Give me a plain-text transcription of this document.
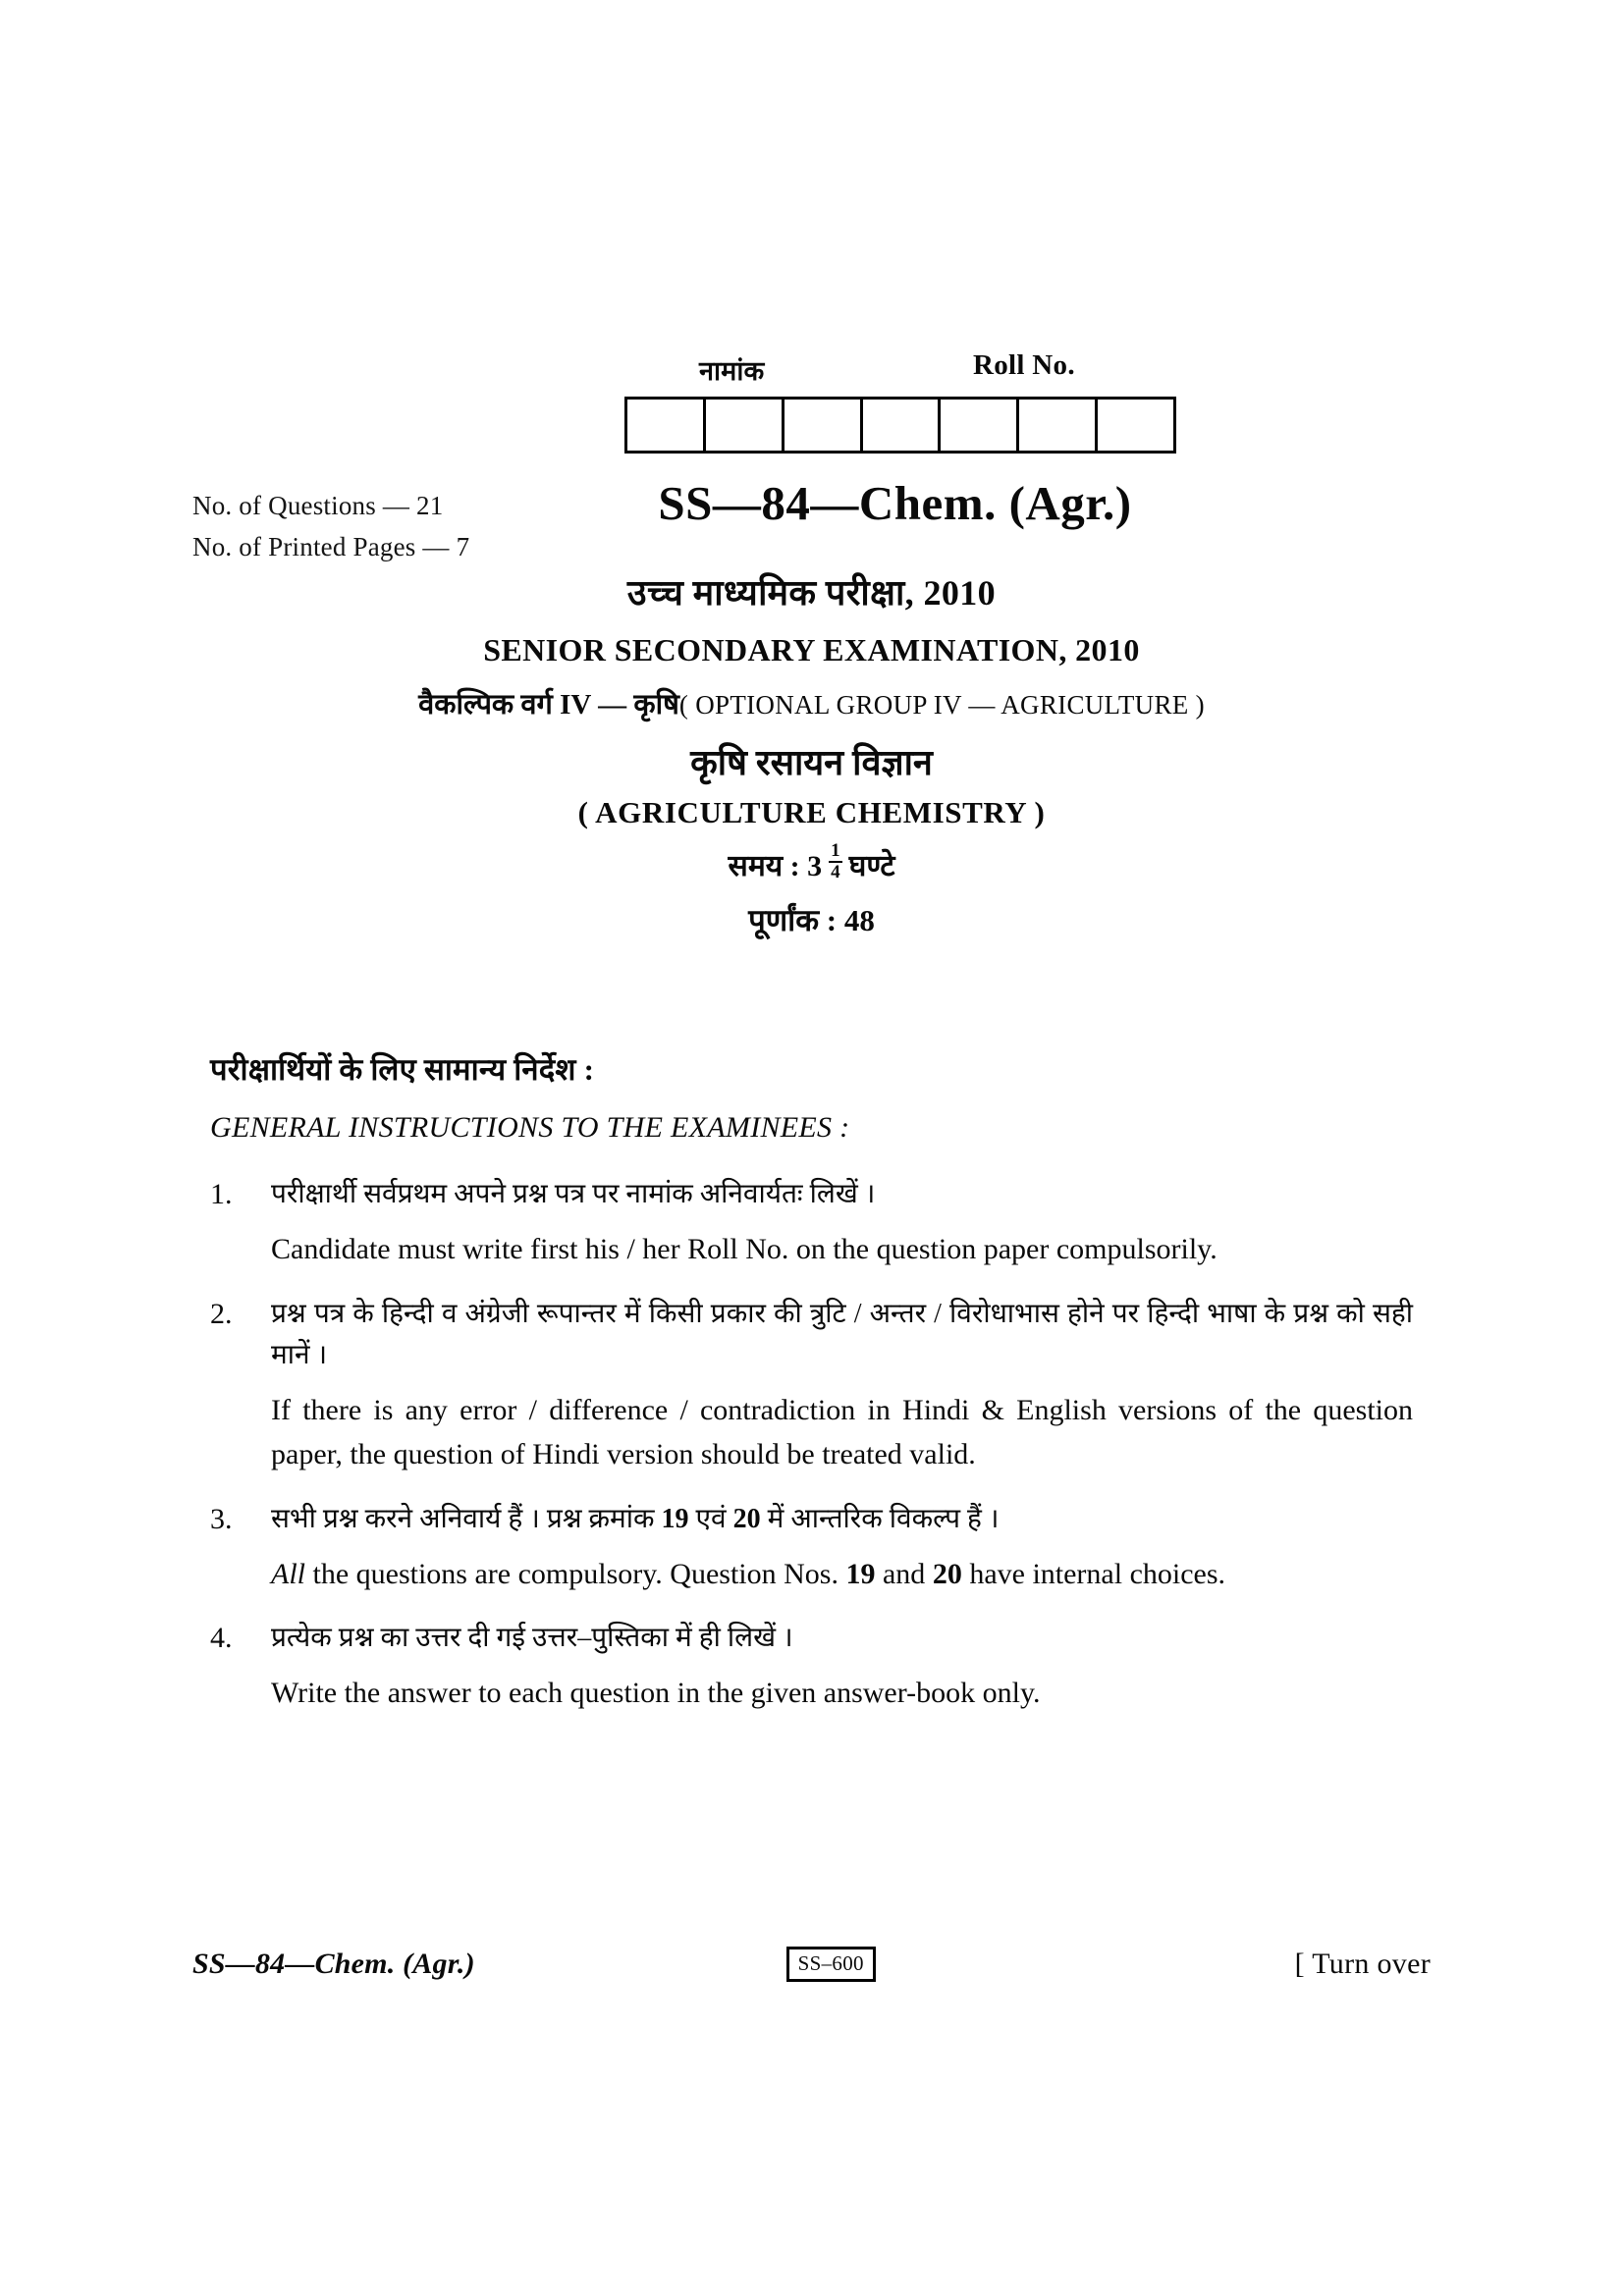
नामांक	Roll No.
No. of Questions — 21
No. of Printed Pages — 7
SS—84—Chem. (Agr.)
उच्च माध्यमिक परीक्षा, 2010
SENIOR SECONDARY EXAMINATION, 2010
वैकल्पिक वर्ग IV — कृषि( OPTIONAL GROUP IV — AGRICULTURE )
कृषि रसायन विज्ञान
( AGRICULTURE CHEMISTRY )
समय : $3 \frac{1}{4}$ घण्टे
पूर्णांक : 48
परीक्षार्थियों के लिए सामान्य निर्देश :
GENERAL INSTRUCTIONS TO THE EXAMINEES :
1.	परीक्षार्थी सर्वप्रथम अपने प्रश्न पत्र पर नामांक अनिवार्यतः लिखें ।
Candidate must write first his / her Roll No. on the question paper compulsorily.
2.	प्रश्न पत्र के हिन्दी व अंग्रेजी रूपान्तर में किसी प्रकार की त्रुटि / अन्तर / विरोधाभास होने पर हिन्दी भाषा के प्रश्न को सही मानें ।
If there is any error / difference / contradiction in Hindi & English versions of the question paper, the question of Hindi version should be treated valid.
3.	सभी प्रश्न करने अनिवार्य हैं । प्रश्न क्रमांक 19 एवं 20 में आन्तरिक विकल्प हैं ।
All the questions are compulsory. Question Nos. 19 and 20 have internal choices.
4.	प्रत्येक प्रश्न का उत्तर दी गई उत्तर–पुस्तिका में ही लिखें ।
Write the answer to each question in the given answer-book only.
SS—84—Chem. (Agr.)	SS–600	[ Turn over
